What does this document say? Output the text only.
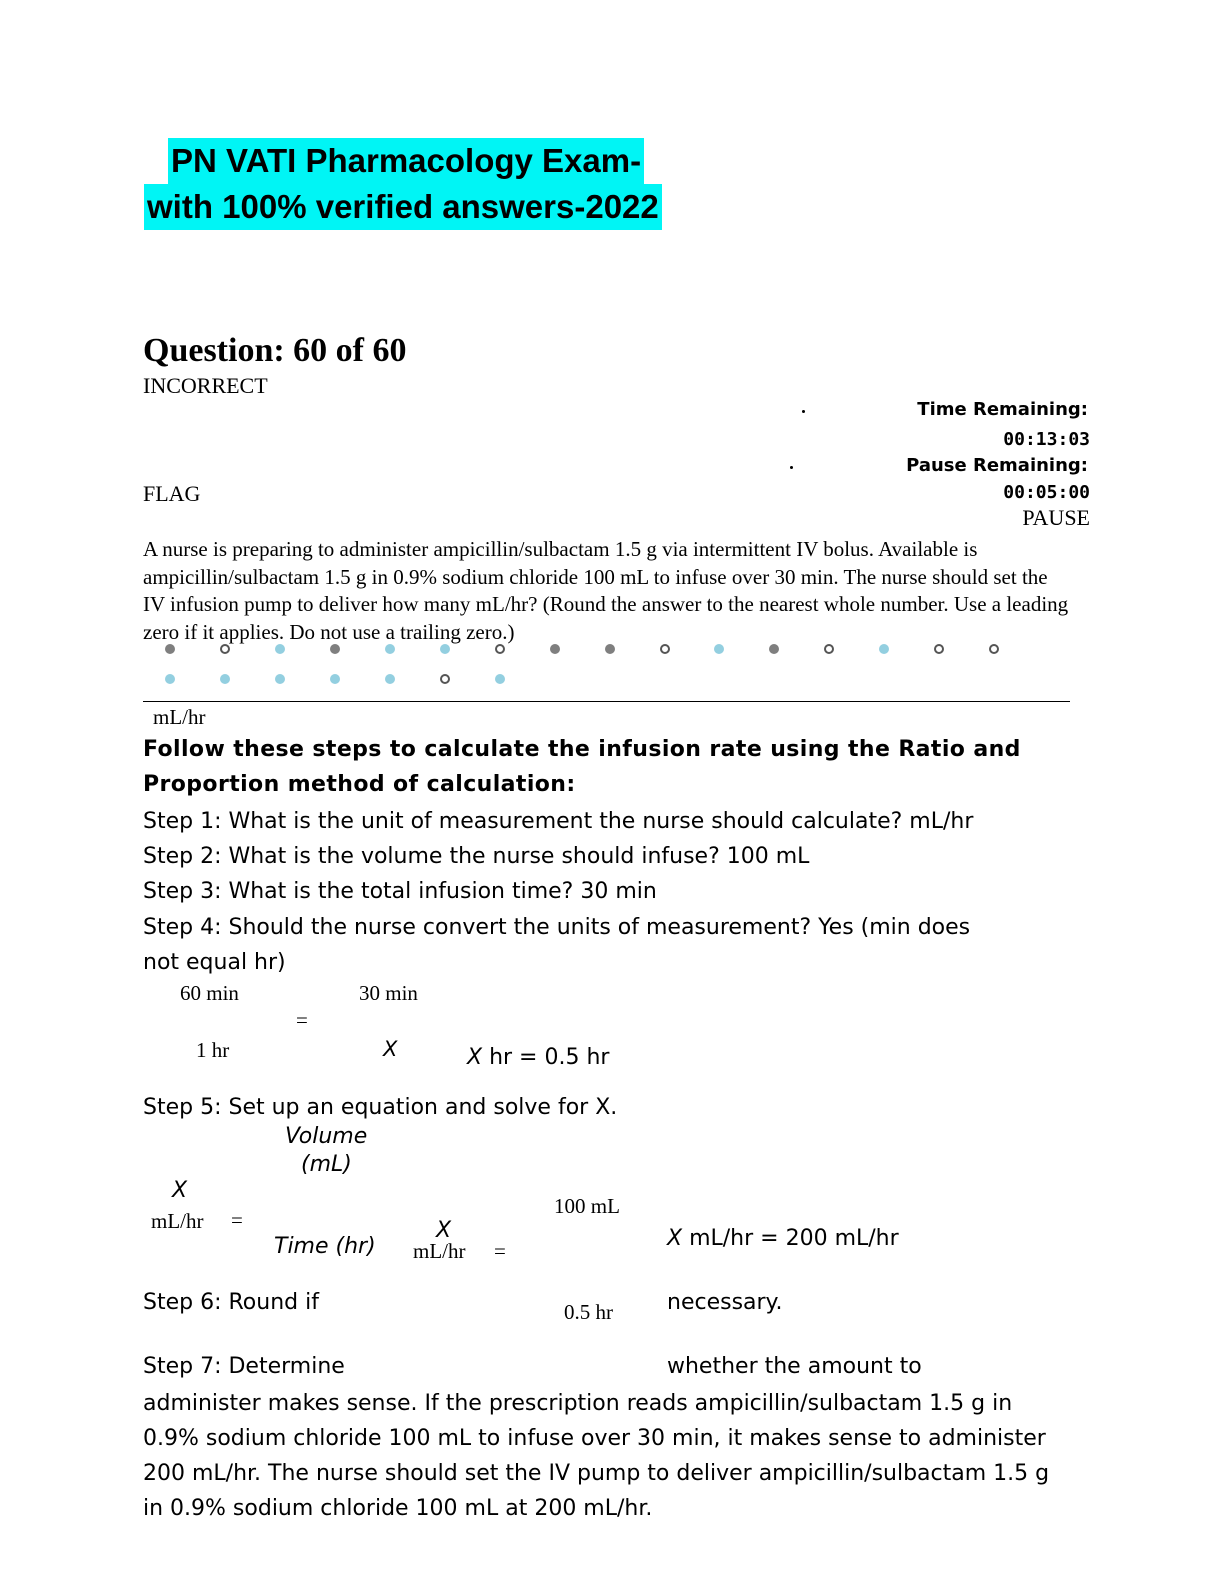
PN VATI Pharmacology Exam-
with 100% verified answers-2022
Question: 60 of 60
INCORRECT
Time Remaining:
00:13:03
Pause Remaining:
00:05:00
FLAG
PAUSE
A nurse is preparing to administer ampicillin/sulbactam 1.5 g via intermittent IV bolus. Available is ampicillin/sulbactam 1.5 g in 0.9% sodium chloride 100 mL to infuse over 30 min. The nurse should set the IV infusion pump to deliver how many mL/hr? (Round the answer to the nearest whole number. Use a leading zero if it applies. Do not use a trailing zero.)
mL/hr
Follow these steps to calculate the infusion rate using the Ratio and
Proportion method of calculation:
Step 1: What is the unit of measurement the nurse should calculate? mL/hr
Step 2: What is the volume the nurse should infuse? 100 mL
Step 3: What is the total infusion time? 30 min
Step 4: Should the nurse convert the units of measurement? Yes (min does
not equal hr)
60 min	30 min
=
1 hr	X	X hr = 0.5 hr
Step 5: Set up an equation and solve for X.
Volume
(mL)
X
100 mL
mL/hr =	X
Time (hr) mL/hr =	X mL/hr = 200 mL/hr
0.5 hr
Step 6: Round if	necessary.
Step 7: Determine	whether the amount to
administer makes sense. If the prescription reads ampicillin/sulbactam 1.5 g in 0.9% sodium chloride 100 mL to infuse over 30 min, it makes sense to administer 200 mL/hr. The nurse should set the IV pump to deliver ampicillin/sulbactam 1.5 g in 0.9% sodium chloride 100 mL at 200 mL/hr.
